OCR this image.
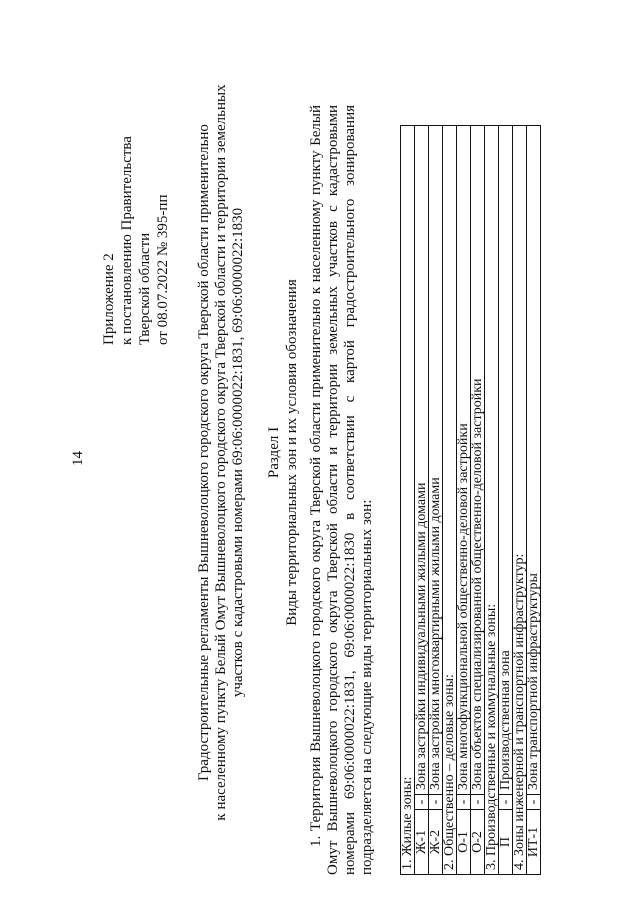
14
Приложение 2 к постановлению Правительства Тверской области от 08.07.2022 № 395-пп Градостроительные регламенты Вышневолоцкого городского округа Тверской области применительно к населенному пункту Белый Омут Вышневолоцкого городского округа Тверской области и территории земельных участков с кадастровыми номерами 69:06:0000022:1831, 69:06:0000022:1830 Раздел I Виды территориальных зон и их условия обозначения 1. Территория Вышневолоцкого городского округа Тверской области применительно к населенному пункту Белый Омут Вышневолоцкого городского округа Тверской области и территории земельных участков с кадастровыми номерами 69:06:0000022:1831, 69:06:0000022:1830 в соответствии с картой градостроительного зонирования подразделяется на следующие виды территориальных зон: 1. Жилые зоны:		
Ж-1	-	Зона застройки индивидуальными жилыми домами
Ж-2	-	Зона застройки многоквартирными жилыми домами
2. Общественно – деловые зоны:		
О-1	-	Зона многофункциональной общественно-деловой застройки
О-2	-	Зона объектов специализированной общественно-деловой застройки
3. Производственные и коммунальные зоны:		
П	-	Производственная зона
4. Зоны инженерной и транспортной инфраструктур:		
ИТ-1	-	Зона транспортной инфраструктуры
